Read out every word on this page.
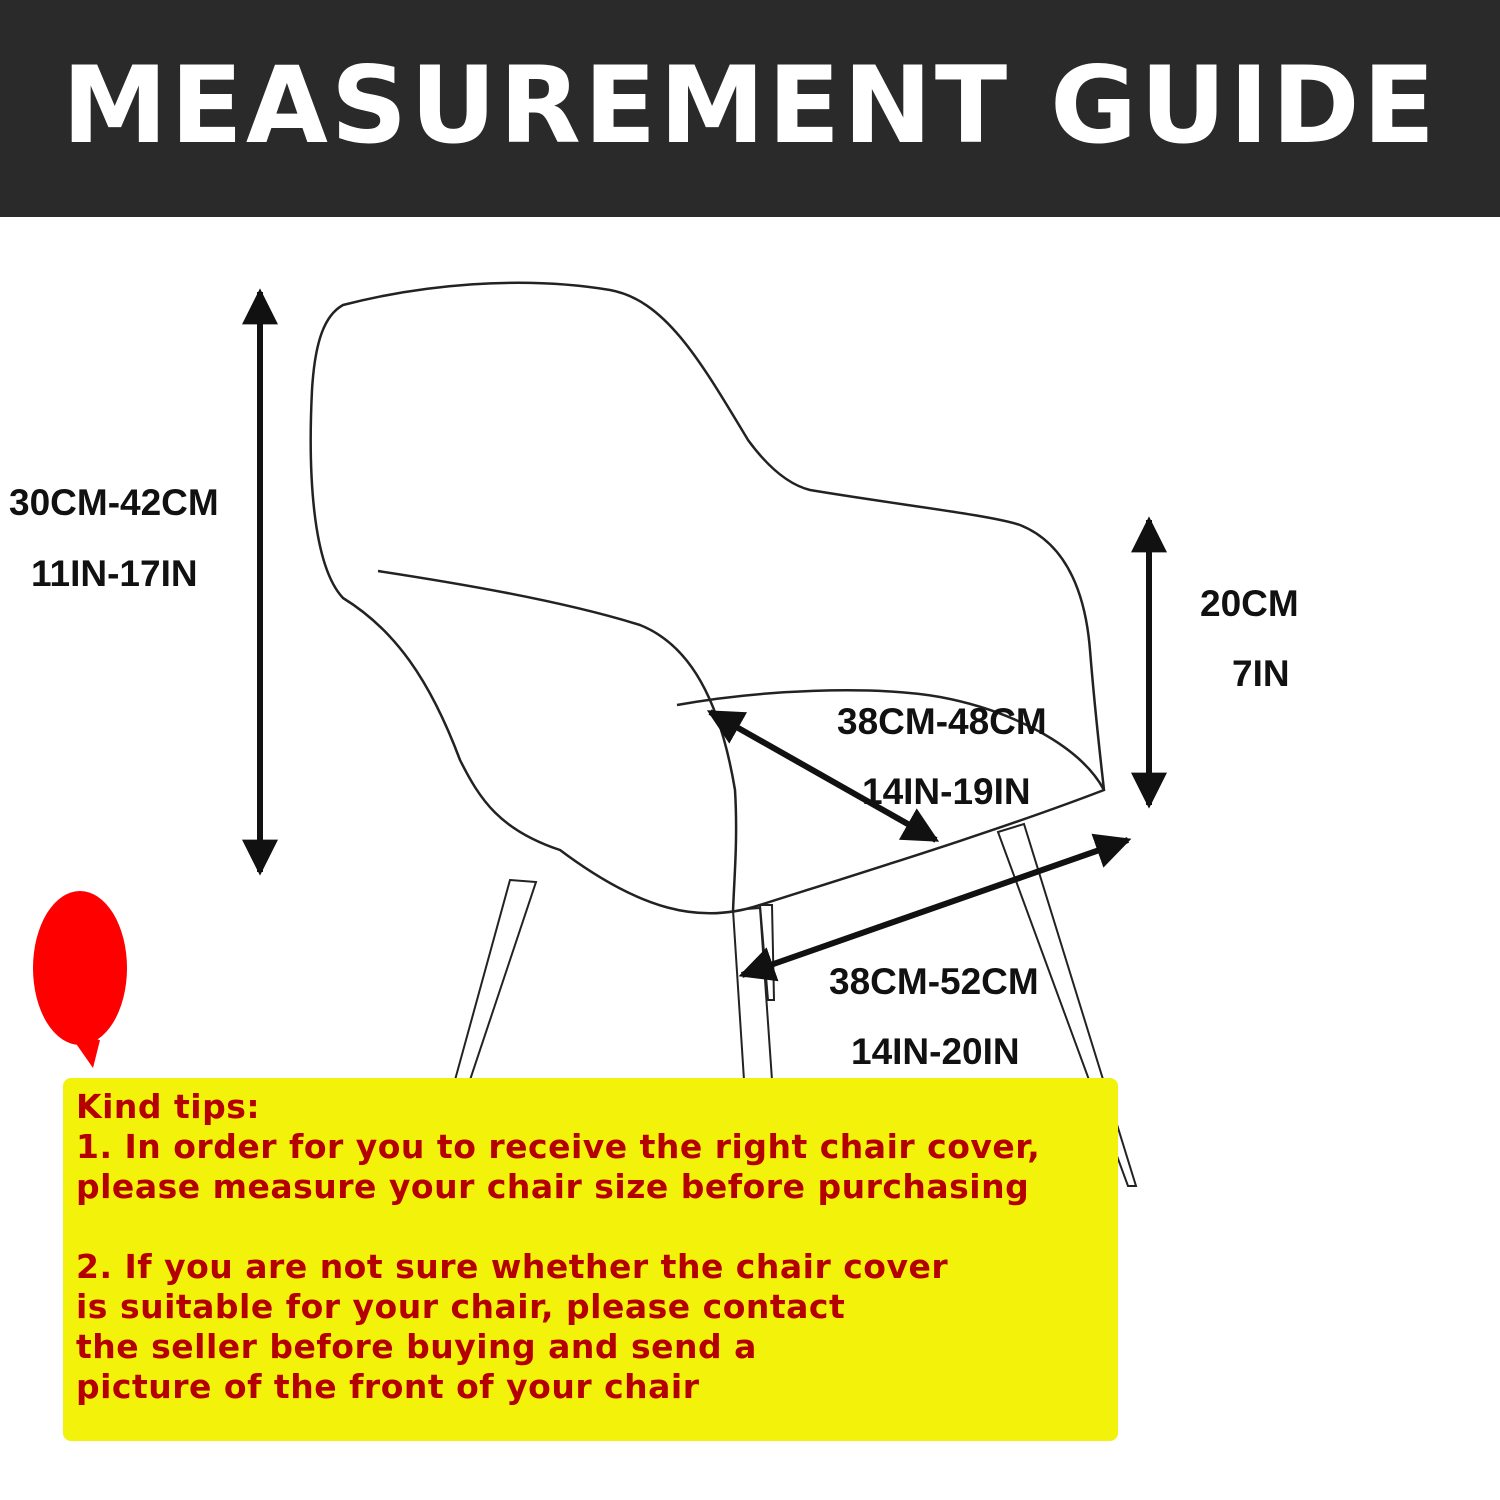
MEASUREMENT GUIDE
30CM-42CM
11IN-17IN
20CM
7IN
38CM-48CM
14IN-19IN
38CM-52CM
14IN-20IN
Kind tips:
1. In order for you to receive the right chair cover,
please measure your chair size before purchasing
2. If you are not sure whether the chair cover
is suitable for your chair, please contact
the seller before buying and send a
picture of the front of your chair
